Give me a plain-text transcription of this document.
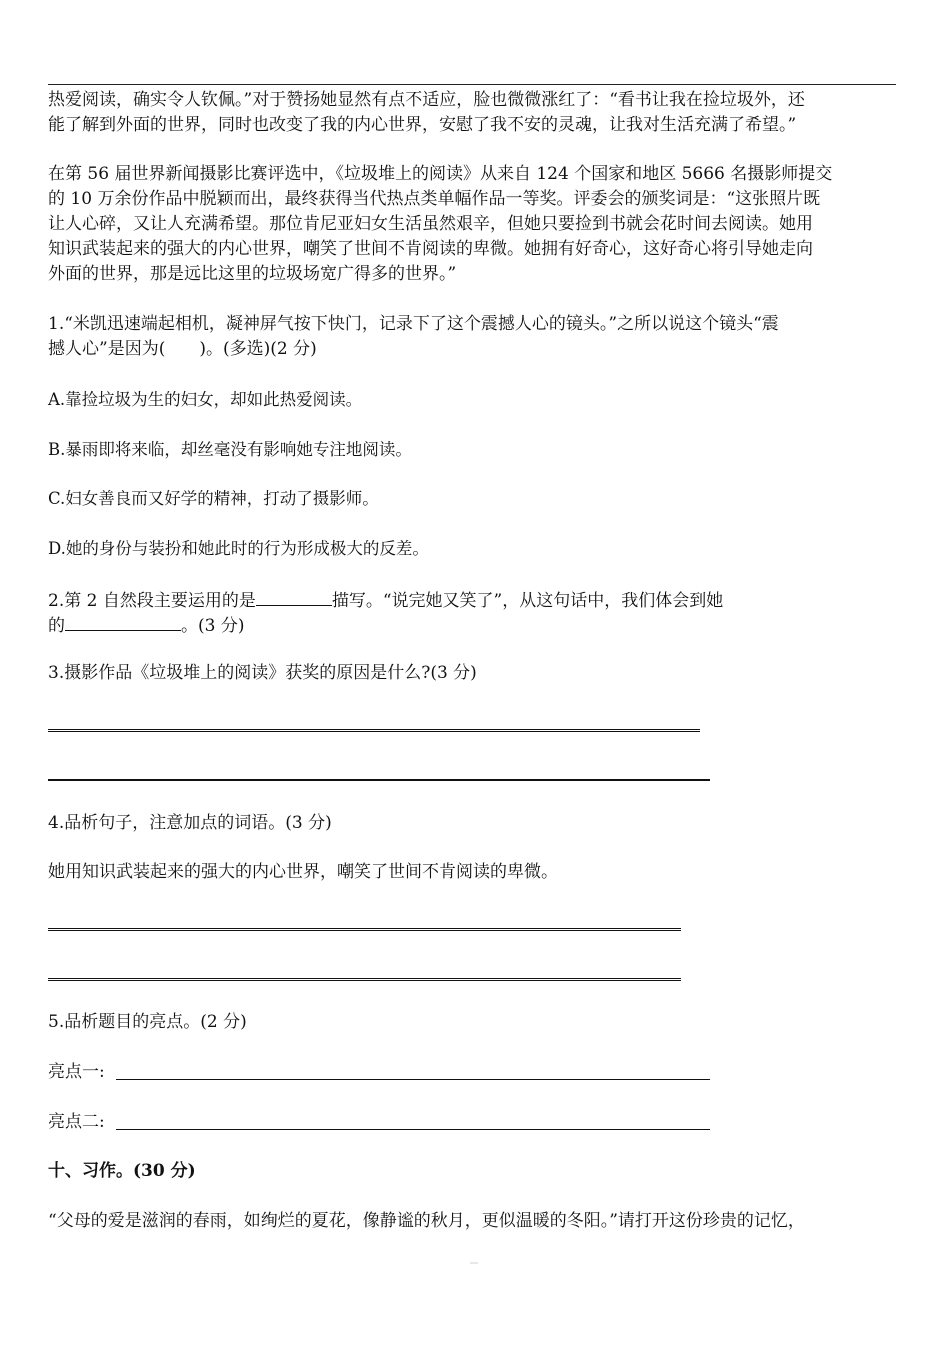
热爱阅读，确实令人钦佩。”对于赞扬她显然有点不适应，脸也微微涨红了：“看书让我在捡垃圾外，还

能了解到外面的世界，同时也改变了我的内心世界，安慰了我不安的灵魂，让我对生活充满了希望。”

在第 56 届世界新闻摄影比赛评选中，《垃圾堆上的阅读》从来自 124 个国家和地区 5666 名摄影师提交

的 10 万余份作品中脱颖而出，最终获得当代热点类单幅作品一等奖。评委会的颁奖词是：“这张照片既

让人心碎，又让人充满希望。那位肯尼亚妇女生活虽然艰辛，但她只要捡到书就会花时间去阅读。她用

知识武装起来的强大的内心世界，嘲笑了世间不肯阅读的卑微。她拥有好奇心，这好奇心将引导她走向

外面的世界，那是远比这里的垃圾场宽广得多的世界。”

1.“米凯迅速端起相机，凝神屏气按下快门，记录下了这个震撼人心的镜头。”之所以说这个镜头“震

撼人心”是因为(　　)。(多选)(2 分)

A.靠捡垃圾为生的妇女，却如此热爱阅读。

B.暴雨即将来临，却丝毫没有影响她专注地阅读。

C.妇女善良而又好学的精神，打动了摄影师。

D.她的身份与装扮和她此时的行为形成极大的反差。

2.第 2 自然段主要运用的是	描写。“说完她又笑了”，从这句话中，我们体会到她

的	。(3 分)

3.摄影作品《垃圾堆上的阅读》获奖的原因是什么?(3 分)

4.品析句子，注意加点的词语。(3 分)

她用知识武装起来的强大的内心世界，嘲笑了世间不肯阅读的卑微。

5.品析题目的亮点。(2 分)

亮点一:
亮点二:
十、习作。(30 分)

“父母的爱是滋润的春雨，如绚烂的夏花，像静谧的秋月，更似温暖的冬阳。”请打开这份珍贵的记忆，
